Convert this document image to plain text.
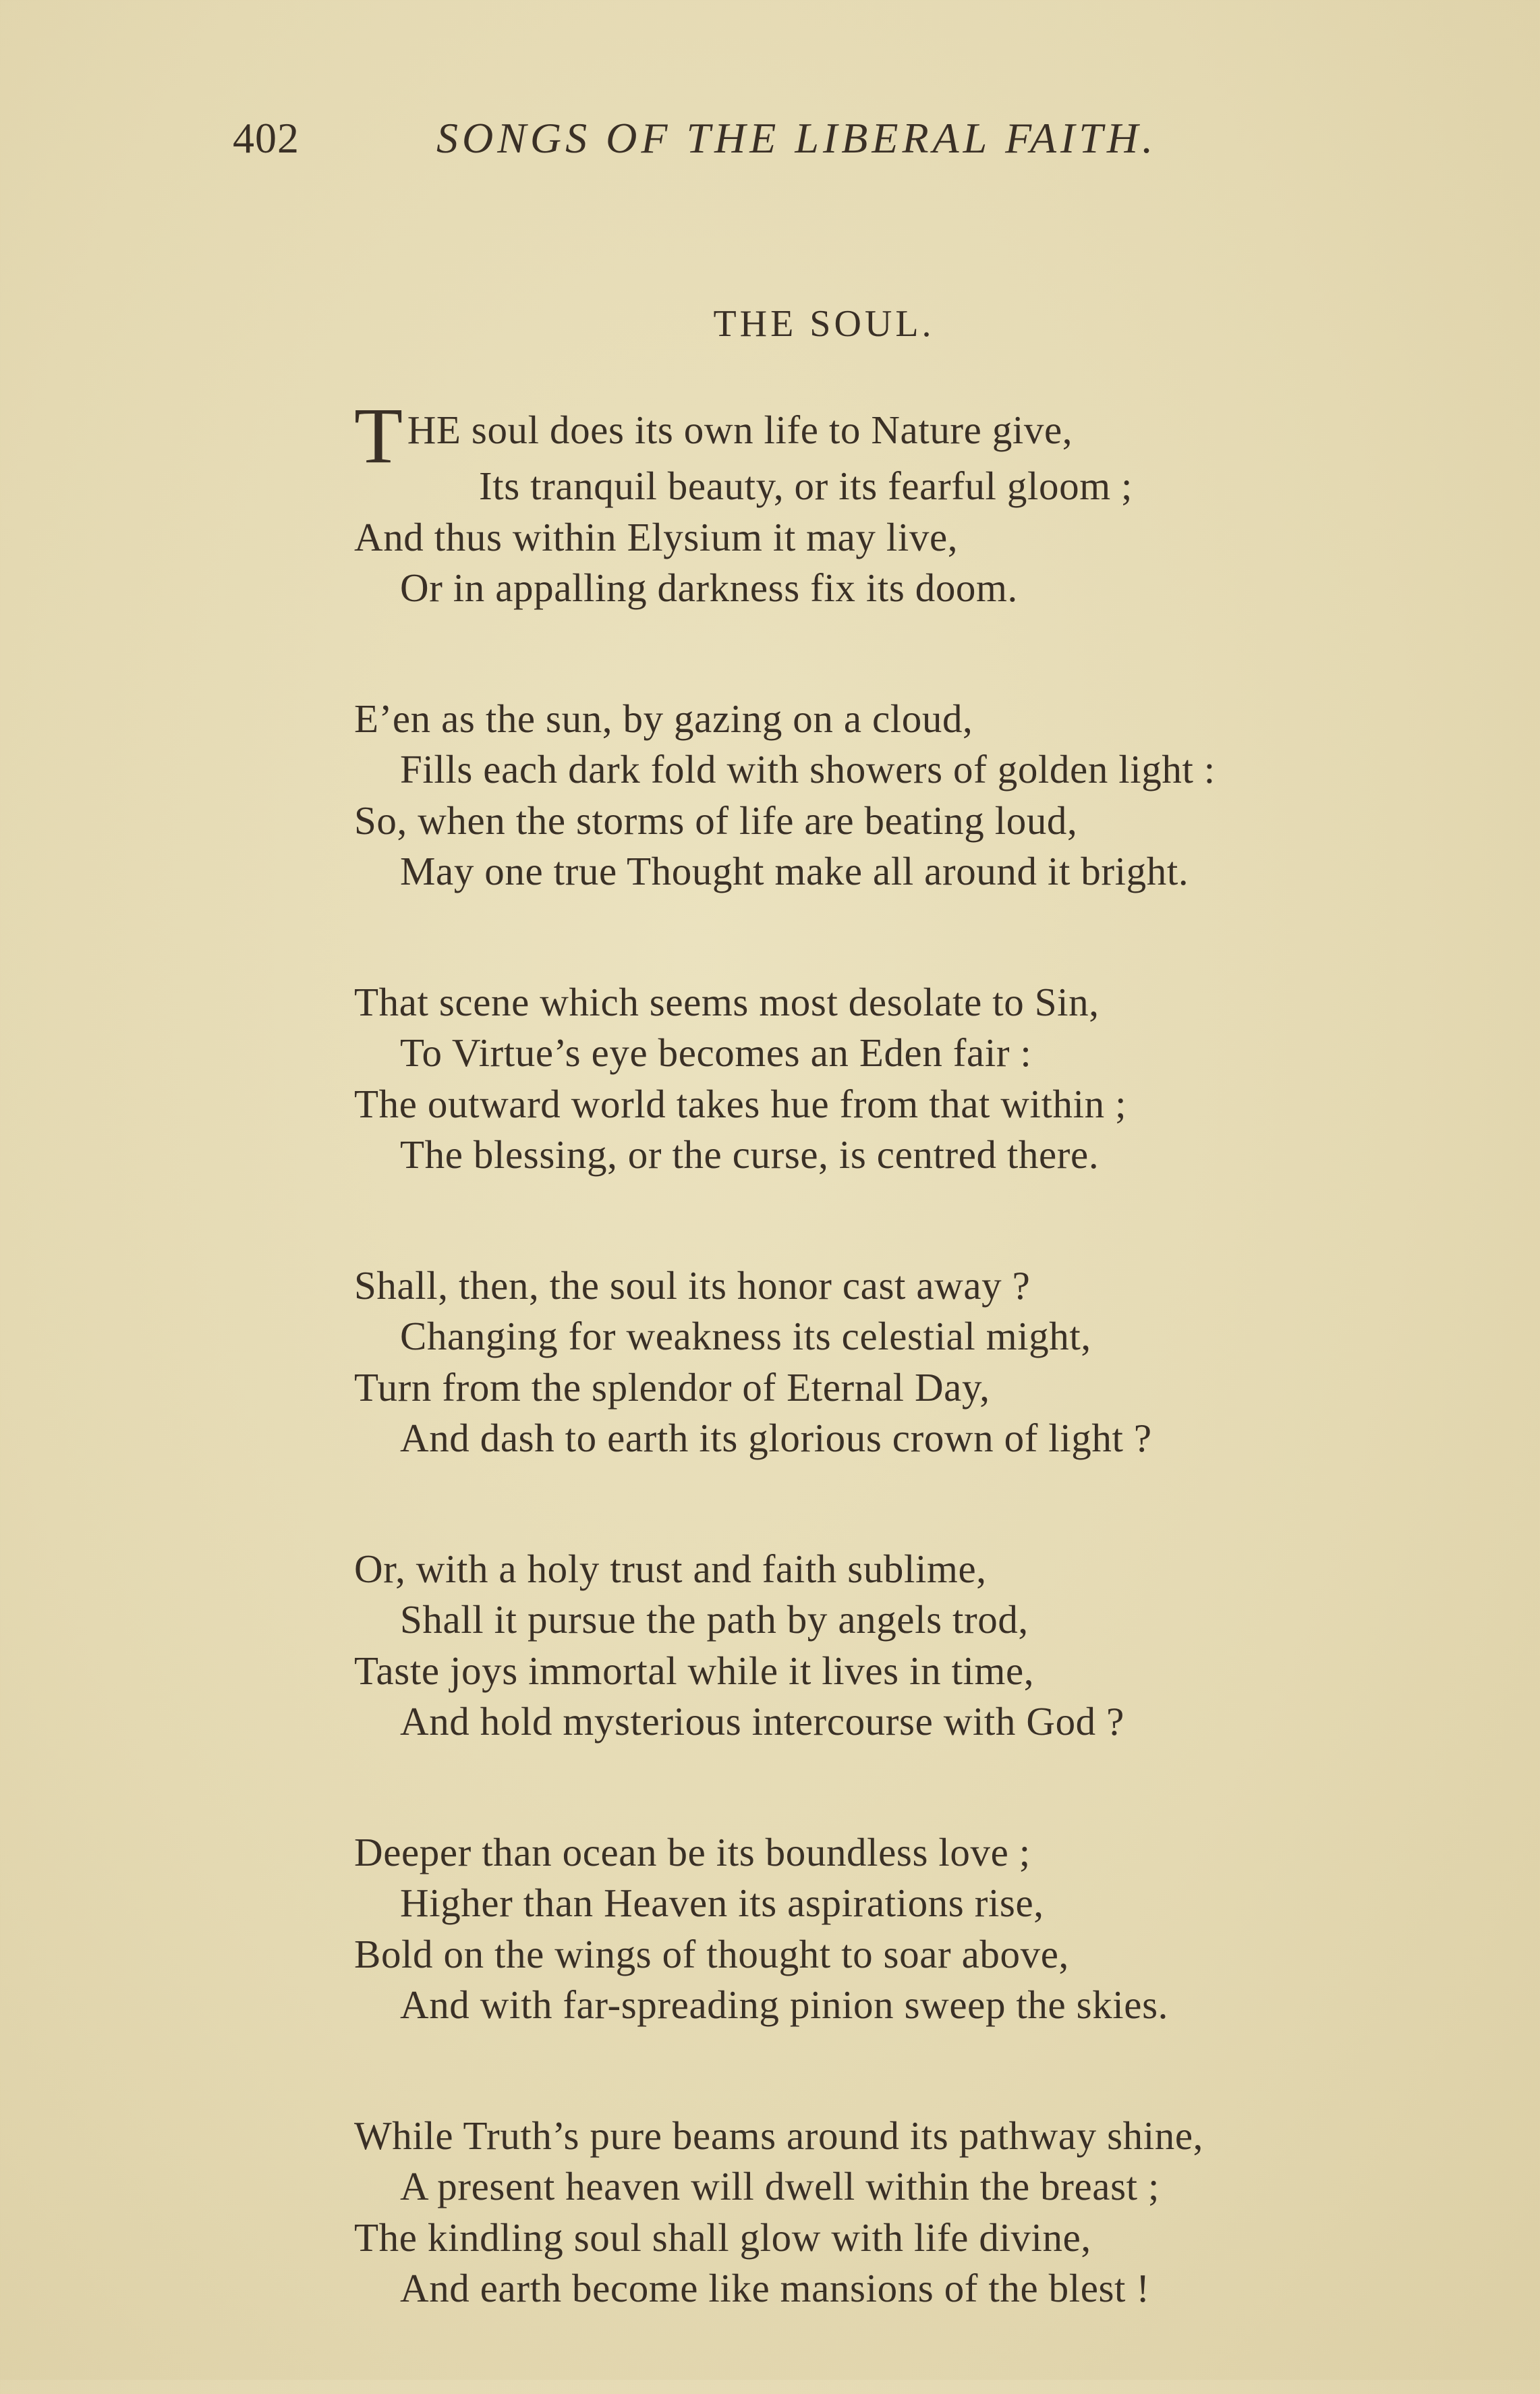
402	SONGS OF THE LIBERAL FAITH.
THE SOUL.
THE soul does its own life to Nature give,
Its tranquil beauty, or its fearful gloom ;
And thus within Elysium it may live,
Or in appalling darkness fix its doom.
E’en as the sun, by gazing on a cloud,
Fills each dark fold with showers of golden light :
So, when the storms of life are beating loud,
May one true Thought make all around it bright.
That scene which seems most desolate to Sin,
To Virtue’s eye becomes an Eden fair :
The outward world takes hue from that within ;
The blessing, or the curse, is centred there.
Shall, then, the soul its honor cast away ?
Changing for weakness its celestial might,
Turn from the splendor of Eternal Day,
And dash to earth its glorious crown of light ?
Or, with a holy trust and faith sublime,
Shall it pursue the path by angels trod,
Taste joys immortal while it lives in time,
And hold mysterious intercourse with God ?
Deeper than ocean be its boundless love ;
Higher than Heaven its aspirations rise,
Bold on the wings of thought to soar above,
And with far-spreading pinion sweep the skies.
While Truth’s pure beams around its pathway shine,
A present heaven will dwell within the breast ;
The kindling soul shall glow with life divine,
And earth become like mansions of the blest !
